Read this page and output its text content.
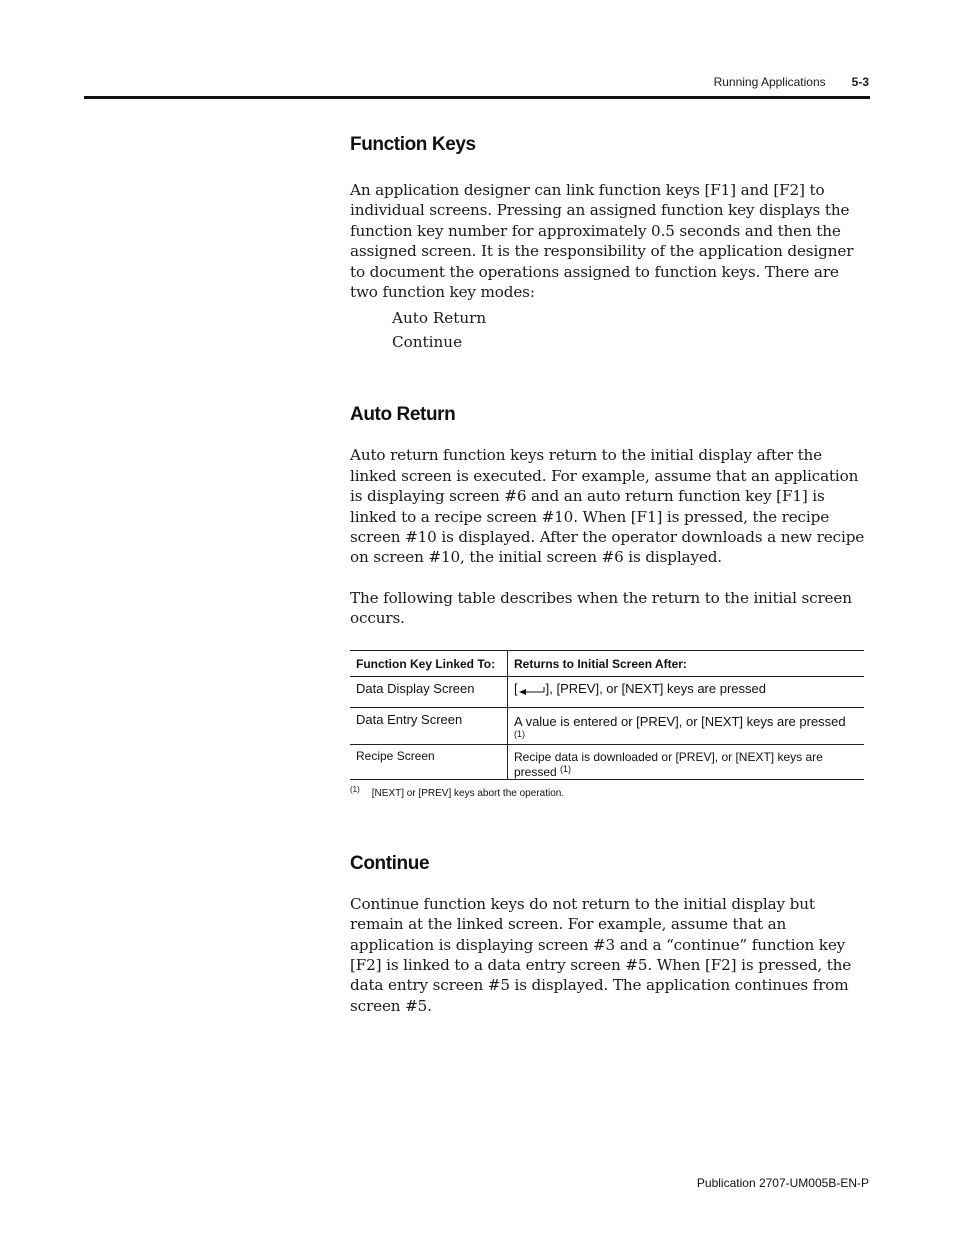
Running Applications 5-3
Function Keys

An application designer can link function keys [F1] and [F2] to individual screens. Pressing an assigned function key displays the function key number for approximately 0.5 seconds and then the assigned screen. It is the responsibility of the application designer to document the operations assigned to function keys. There are two function key modes:

Auto Return
Continue
Auto Return

Auto return function keys return to the initial display after the linked screen is executed. For example, assume that an application is displaying screen #6 and an auto return function key [F1] is linked to a recipe screen #10. When [F1] is pressed, the recipe screen #10 is displayed. After the operator downloads a new recipe on screen #10, the initial screen #6 is displayed.

The following table describes when the return to the initial screen occurs.

Function Key Linked To:	Returns to Initial Screen After:
Data Display Screen	[ ], [PREV], or [NEXT] keys are pressed
Data Entry Screen	A value is entered or [PREV], or [NEXT] keys are pressed $^{(1)}$
Recipe Screen	Recipe data is downloaded or [PREV], or [NEXT] keys are pressed $^{(1)}$
(1) [NEXT] or [PREV] keys abort the operation.
Continue

Continue function keys do not return to the initial display but remain at the linked screen. For example, assume that an application is displaying screen #3 and a “continue” function key [F2] is linked to a data entry screen #5. When [F2] is pressed, the data entry screen #5 is displayed. The application continues from screen #5.

Publication 2707-UM005B-EN-P
